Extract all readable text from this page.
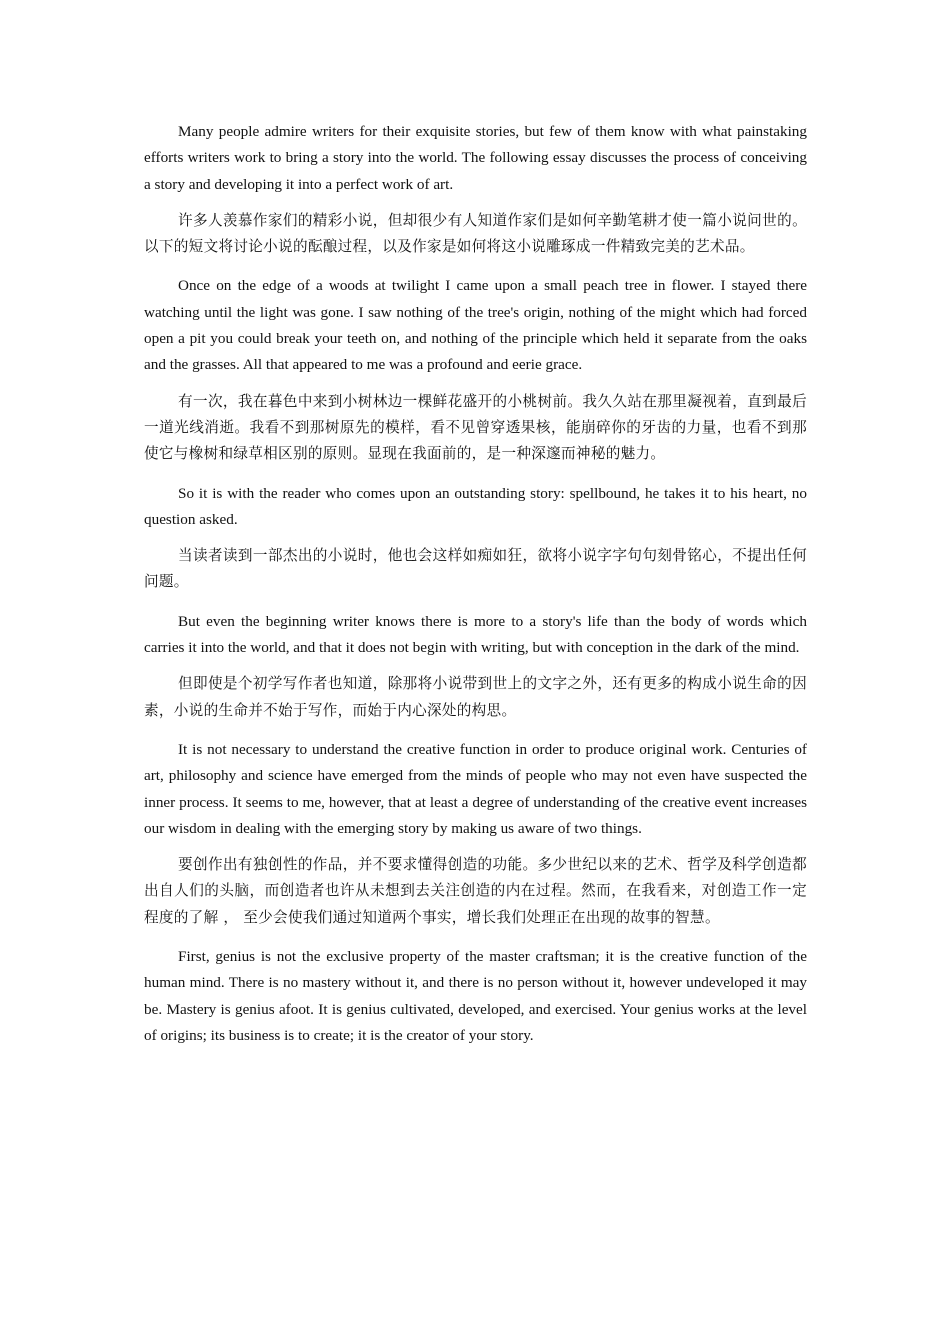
Many people admire writers for their exquisite stories, but few of them know with what painstaking efforts writers work to bring a story into the world. The following essay discusses the process of conceiving a story and developing it into a perfect work of art.

许多人羡慕作家们的精彩小说，但却很少有人知道作家们是如何辛勤笔耕才使一篇小说问世的。以下的短文将讨论小说的酝酿过程，以及作家是如何将这小说雕琢成一件精致完美的艺术品。

Once on the edge of a woods at twilight I came upon a small peach tree in flower. I stayed there watching until the light was gone. I saw nothing of the tree's origin, nothing of the might which had forced open a pit you could break your teeth on, and nothing of the principle which held it separate from the oaks and the grasses. All that appeared to me was a profound and eerie grace.

有一次，我在暮色中来到小树林边一棵鲜花盛开的小桃树前。我久久站在那里凝视着，直到最后一道光线消逝。我看不到那树原先的模样，看不见曾穿透果核，能崩碎你的牙齿的力量，也看不到那使它与橡树和绿草相区别的原则。显现在我面前的，是一种深邃而神秘的魅力。

So it is with the reader who comes upon an outstanding story: spellbound, he takes it to his heart, no question asked.

当读者读到一部杰出的小说时，他也会这样如痴如狂，欲将小说字字句句刻骨铭心，不提出任何问题。

But even the beginning writer knows there is more to a story's life than the body of words which carries it into the world, and that it does not begin with writing, but with conception in the dark of the mind.

但即使是个初学写作者也知道，除那将小说带到世上的文字之外，还有更多的构成小说生命的因素，小说的生命并不始于写作，而始于内心深处的构思。

It is not necessary to understand the creative function in order to produce original work. Centuries of art, philosophy and science have emerged from the minds of people who may not even have suspected the inner process. It seems to me, however, that at least a degree of understanding of the creative event increases our wisdom in dealing with the emerging story by making us aware of two things.

要创作出有独创性的作品，并不要求懂得创造的功能。多少世纪以来的艺术、哲学及科学创造都出自人们的头脑，而创造者也许从未想到去关注创造的内在过程。然而，在我看来，对创造工作一定程度的了解 ， 至少会使我们通过知道两个事实，增长我们处理正在出现的故事的智慧。

First, genius is not the exclusive property of the master craftsman; it is the creative function of the human mind. There is no mastery without it, and there is no person without it, however undeveloped it may be. Mastery is genius afoot. It is genius cultivated, developed, and exercised. Your genius works at the level of origins; its business is to create; it is the creator of your story.
